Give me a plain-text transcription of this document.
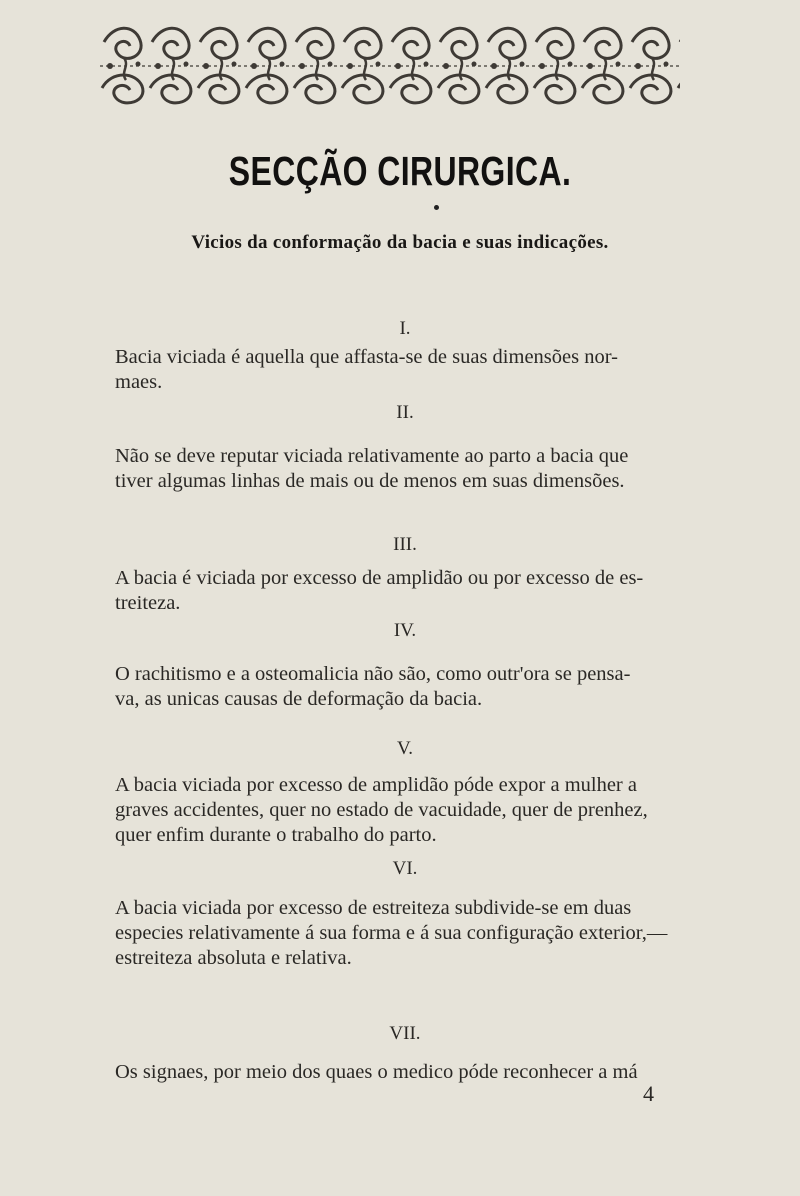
SECÇÃO CIRURGICA.
Vicios da conformação da bacia e suas indicações.
I.
Bacia viciada é aquella que affasta-se de suas dimensões nor-
maes.
II.
Não se deve reputar viciada relativamente ao parto a bacia que
tiver algumas linhas de mais ou de menos em suas dimensões.
III.
A bacia é viciada por excesso de amplidão ou por excesso de es-
treiteza.
IV.
O rachitismo e a osteomalicia não são, como outr'ora se pensa-
va, as unicas causas de deformação da bacia.
V.
A bacia viciada por excesso de amplidão póde expor a mulher a
graves accidentes, quer no estado de vacuidade, quer de prenhez,
quer enfim durante o trabalho do parto.
VI.
A bacia viciada por excesso de estreiteza subdivide-se em duas
especies relativamente á sua forma e á sua configuração exterior,—
estreiteza absoluta e relativa.
VII.
Os signaes, por meio dos quaes o medico póde reconhecer a má
4
